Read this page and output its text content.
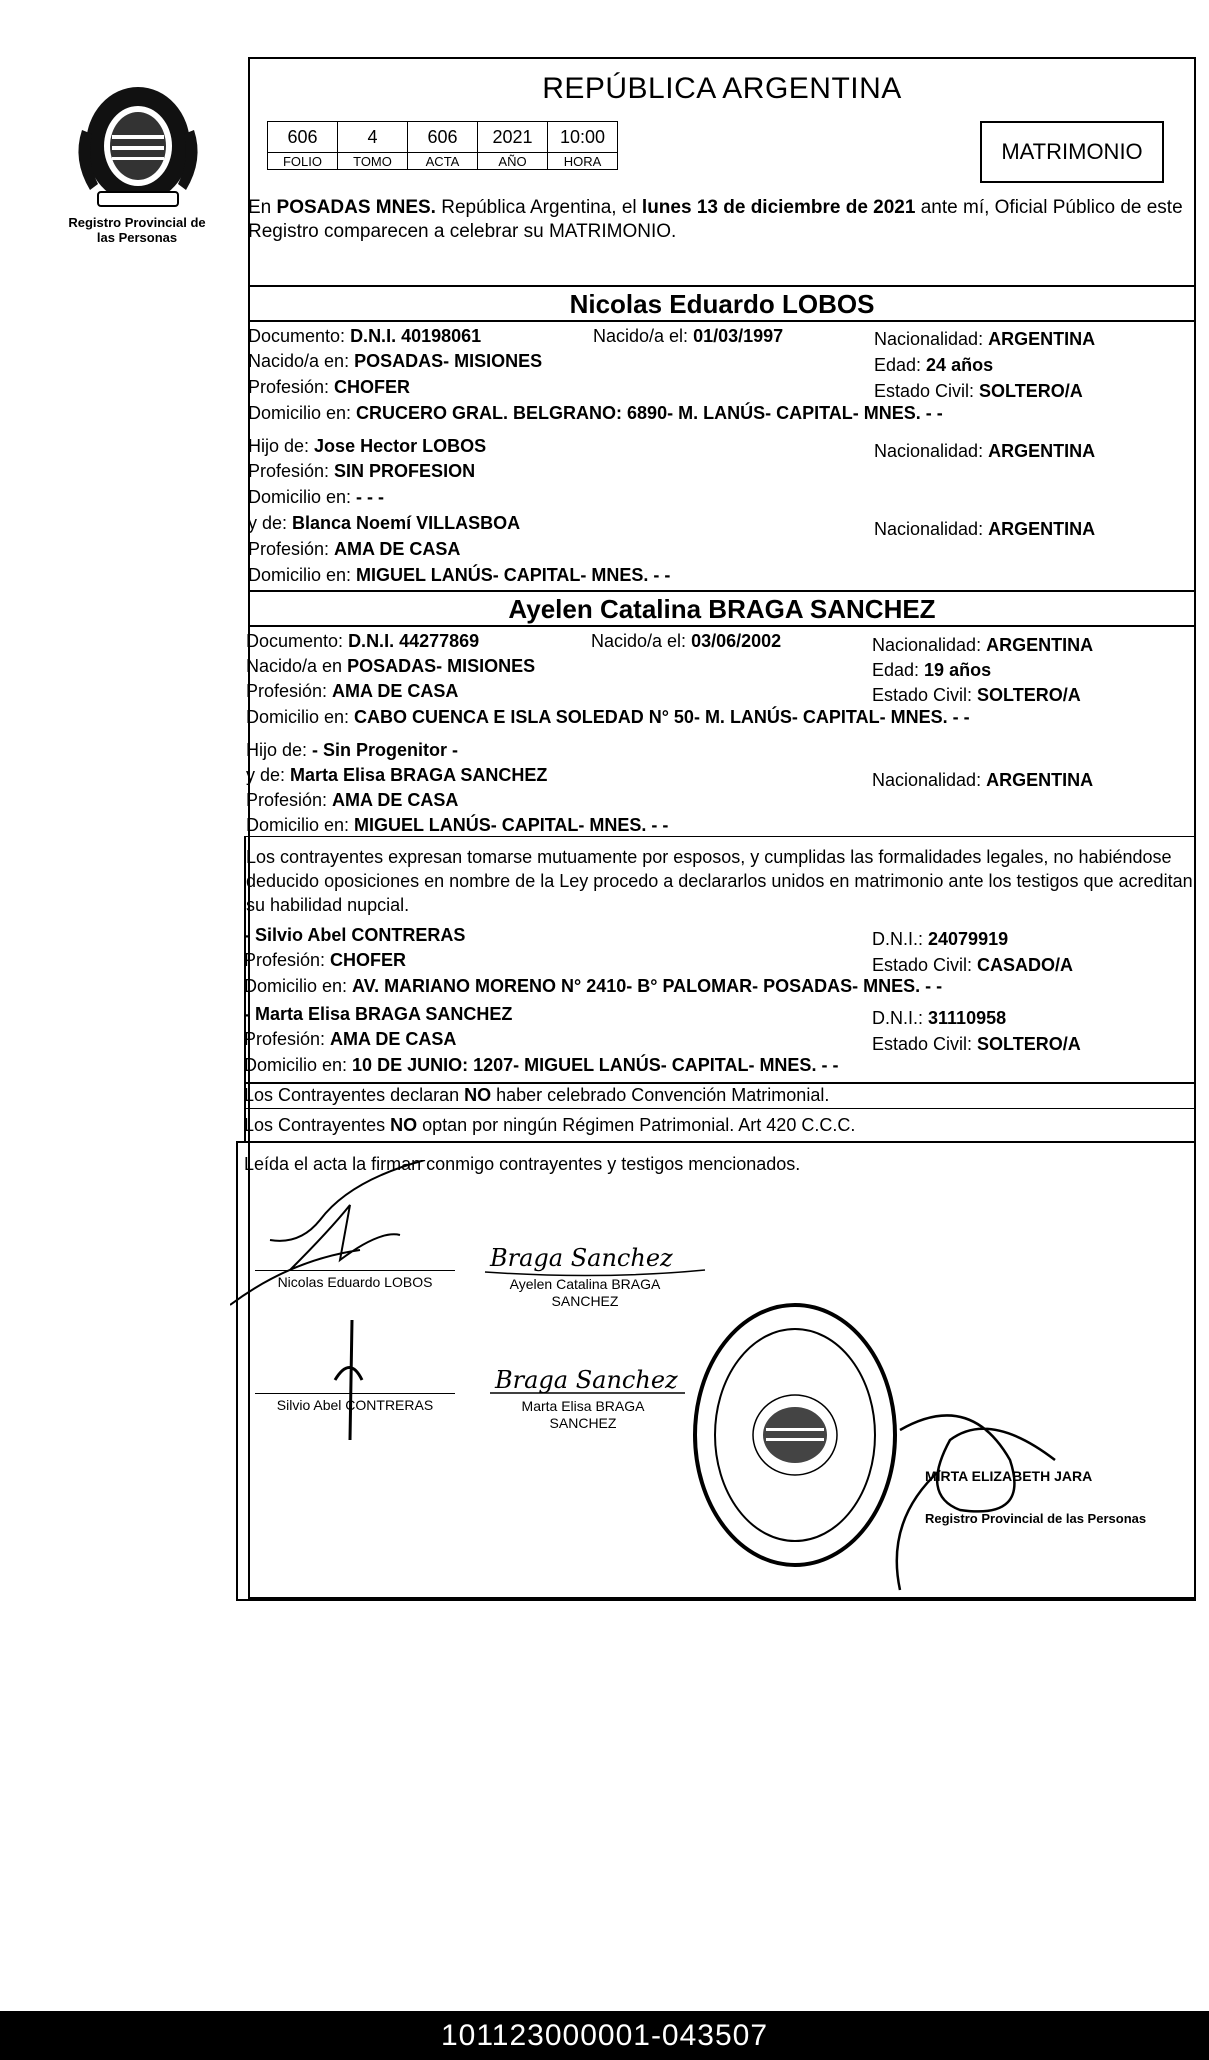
Registro Provincial de las Personas
REPÚBLICA ARGENTINA
606	4	606	2021	10:00
FOLIO	TOMO	ACTA	AÑO	HORA	MATRIMONIO
En POSADAS MNES. República Argentina, el lunes 13 de diciembre de 2021 ante mí, Oficial Público de este Registro comparecen a celebrar su MATRIMONIO.
Nicolas Eduardo LOBOS
Documento: D.N.I. 40198061	Nacido/a el: 01/03/1997	Nacionalidad: ARGENTINA
Nacido/a en: POSADAS- MISIONES	Edad: 24 años
Profesión: CHOFER	Estado Civil: SOLTERO/A
Domicilio en: CRUCERO GRAL. BELGRANO: 6890- M. LANÚS- CAPITAL- MNES. - -
Hijo de: Jose Hector LOBOS	Nacionalidad: ARGENTINA
Profesión: SIN PROFESION
Domicilio en: - - -
y de: Blanca Noemí VILLASBOA	Nacionalidad: ARGENTINA
Profesión: AMA DE CASA
Domicilio en: MIGUEL LANÚS- CAPITAL- MNES. - -
Ayelen Catalina BRAGA SANCHEZ
Documento: D.N.I. 44277869	Nacido/a el: 03/06/2002	Nacionalidad: ARGENTINA
Nacido/a en POSADAS- MISIONES	Edad: 19 años
Profesión: AMA DE CASA	Estado Civil: SOLTERO/A
Domicilio en: CABO CUENCA E ISLA SOLEDAD N° 50- M. LANÚS- CAPITAL- MNES. - -
Hijo de: - Sin Progenitor -
y de: Marta Elisa BRAGA SANCHEZ	Nacionalidad: ARGENTINA
Profesión: AMA DE CASA
Domicilio en: MIGUEL LANÚS- CAPITAL- MNES. - -
Los contrayentes expresan tomarse mutuamente por esposos, y cumplidas las formalidades legales, no habiéndose deducido oposiciones en nombre de la Ley procedo a declararlos unidos en matrimonio ante los testigos que acreditan su habilidad nupcial.
- Silvio Abel CONTRERAS	D.N.I.: 24079919
Profesión: CHOFER	Estado Civil: CASADO/A
Domicilio en: AV. MARIANO MORENO N° 2410- B° PALOMAR- POSADAS- MNES. - -
- Marta Elisa BRAGA SANCHEZ	D.N.I.: 31110958
Profesión: AMA DE CASA	Estado Civil: SOLTERO/A
Domicilio en: 10 DE JUNIO: 1207- MIGUEL LANÚS- CAPITAL- MNES. - -
Los Contrayentes declaran NO haber celebrado Convención Matrimonial.
Los Contrayentes NO optan por ningún Régimen Patrimonial. Art 420 C.C.C.
Leída el acta la firman conmigo contrayentes y testigos mencionados.
Nicolas Eduardo LOBOS
Braga Sanchez
Ayelen Catalina BRAGA
SANCHEZ
Silvio Abel CONTRERAS
Braga Sanchez
Marta Elisa BRAGA
SANCHEZ
MIRTA ELIZABETH JARA
Registro Provincial de las Personas
101123000001-043507
